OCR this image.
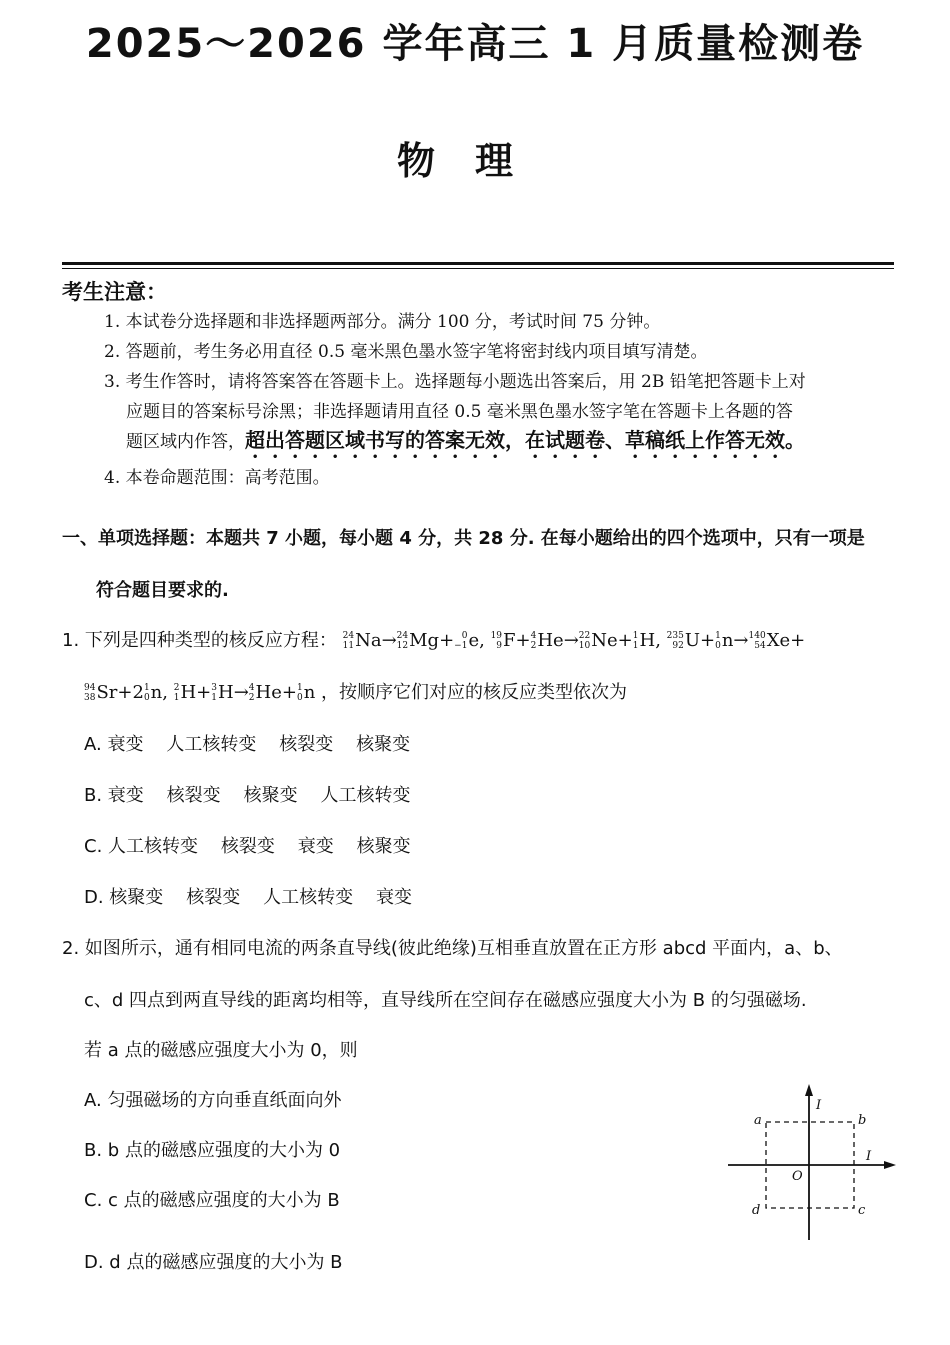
2025～2026 学年高三 1 月质量检测卷
物理
考生注意：
1. 本试卷分选择题和非选择题两部分。满分 100 分，考试时间 75 分钟。
2. 答题前，考生务必用直径 0.5 毫米黑色墨水签字笔将密封线内项目填写清楚。
3. 考生作答时，请将答案答在答题卡上。选择题每小题选出答案后，用 2B 铅笔把答题卡上对
应题目的答案标号涂黑；非选择题请用直径 0.5 毫米黑色墨水签字笔在答题卡上各题的答
题区域内作答，超出答题区域书写的答案无效，在试题卷、草稿纸上作答无效。
4. 本卷命题范围：高考范围。
一、单项选择题：本题共 7 小题，每小题 4 分，共 28 分. 在每小题给出的四个选项中，只有一项是
符合题目要求的.
1. 下列是四种类型的核反应方程： 24
11 Na→ 24
12 Mg+ 0
−1 e, 19
9 F+ 4
2 He→ 22
10 Ne+ 1
1 H, 235
92 U+ 1
0 n→ 140
54 Xe+
94
38 Sr+2 1
0 n, 2
1 H+ 3
1 H→ 4
2 He+ 1
0 n ，按顺序它们对应的核反应类型依次为
A. 衰变    人工核转变    核裂变    核聚变
B. 衰变    核裂变    核聚变    人工核转变
C. 人工核转变    核裂变    衰变    核聚变
D. 核聚变    核裂变    人工核转变    衰变
2. 如图所示，通有相同电流的两条直导线(彼此绝缘)互相垂直放置在正方形 abcd 平面内，a、b、
c、d 四点到两直导线的距离均相等，直导线所在空间存在磁感应强度大小为 B 的匀强磁场.
若 a 点的磁感应强度大小为 0，则
A. 匀强磁场的方向垂直纸面向外
B. b 点的磁感应强度的大小为 0
C. c 点的磁感应强度的大小为 B
D. d 点的磁感应强度的大小为 B
a	b
c
d
O
I
I
